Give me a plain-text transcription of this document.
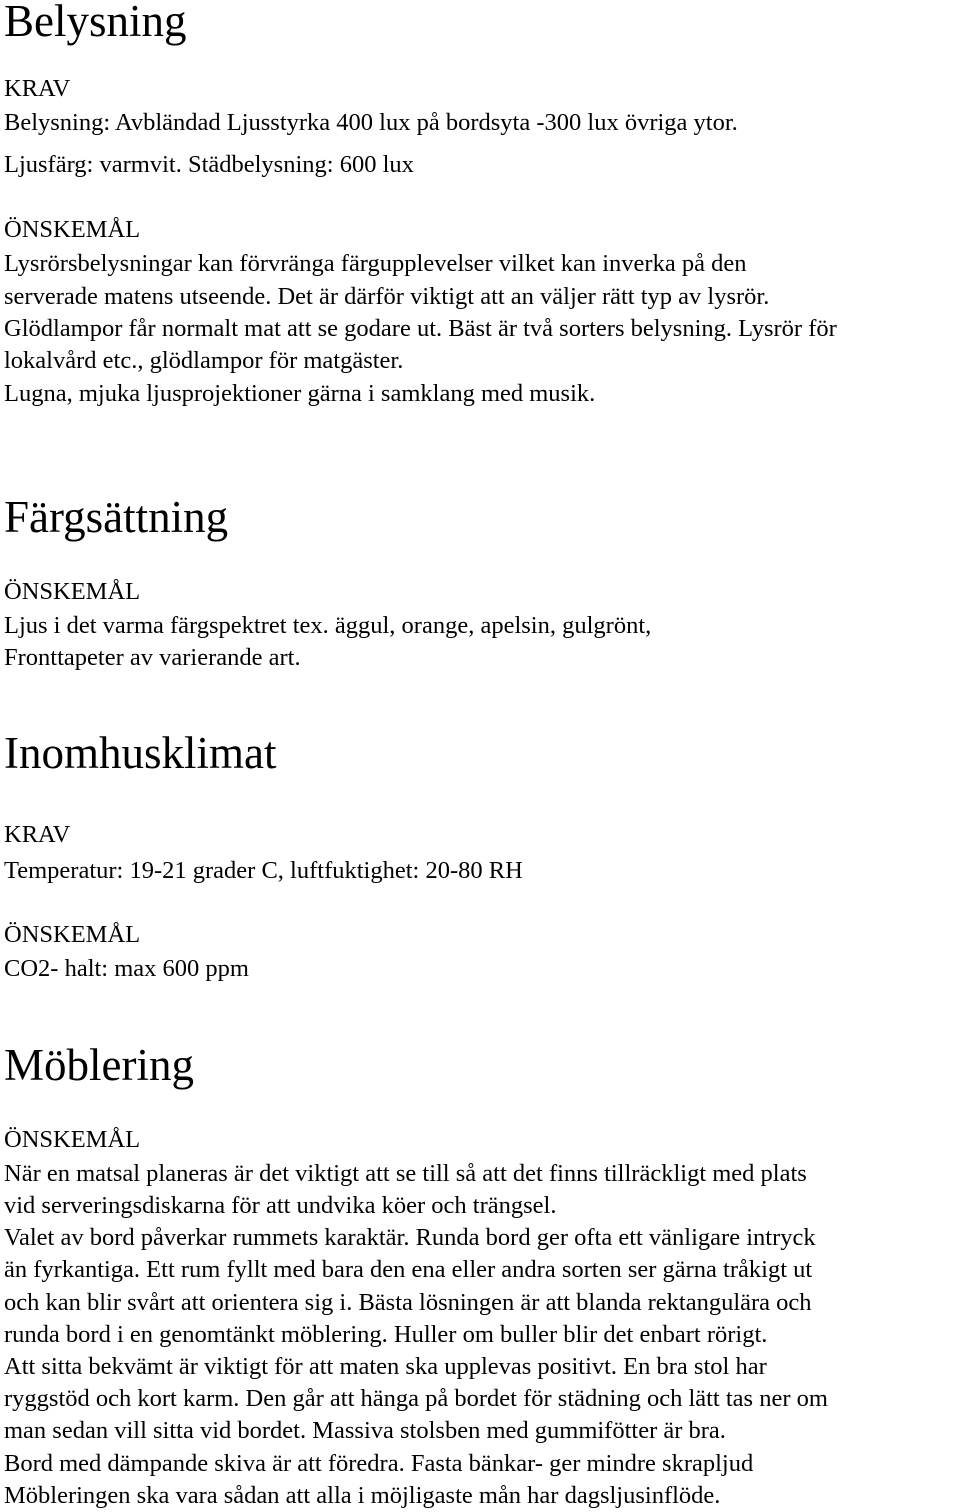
Belysning
KRAV
Belysning: Avbländad Ljusstyrka 400 lux på bordsyta -300 lux övriga ytor.
Ljusfärg: varmvit. Städbelysning: 600 lux
ÖNSKEMÅL
Lysrörsbelysningar kan förvränga färgupplevelser vilket kan inverka på den
serverade matens utseende. Det är därför viktigt att an väljer rätt typ av lysrör.
Glödlampor får normalt mat att se godare ut. Bäst är två sorters belysning. Lysrör för
lokalvård etc., glödlampor för matgäster.
Lugna, mjuka ljusprojektioner gärna i samklang med musik.
Färgsättning
ÖNSKEMÅL
Ljus i det varma färgspektret tex. äggul, orange, apelsin, gulgrönt,
Fronttapeter av varierande art.
Inomhusklimat
KRAV
Temperatur: 19-21 grader C, luftfuktighet: 20-80 RH
ÖNSKEMÅL
CO2- halt: max 600 ppm
Möblering
ÖNSKEMÅL
När en matsal planeras är det viktigt att se till så att det finns tillräckligt med plats
vid serveringsdiskarna för att undvika köer och trängsel.
Valet av bord påverkar rummets karaktär. Runda bord ger ofta ett vänligare intryck
än fyrkantiga. Ett rum fyllt med bara den ena eller andra sorten ser gärna tråkigt ut
och kan blir svårt att orientera sig i. Bästa lösningen är att blanda rektangulära och
runda bord i en genomtänkt möblering. Huller om buller blir det enbart rörigt.
Att sitta bekvämt är viktigt för att maten ska upplevas positivt. En bra stol har
ryggstöd och kort karm. Den går att hänga på bordet för städning och lätt tas ner om
man sedan vill sitta vid bordet. Massiva stolsben med gummifötter är bra.
Bord med dämpande skiva är att föredra. Fasta bänkar- ger mindre skrapljud
Möbleringen ska vara sådan att alla i möjligaste mån har dagsljusinflöde.
